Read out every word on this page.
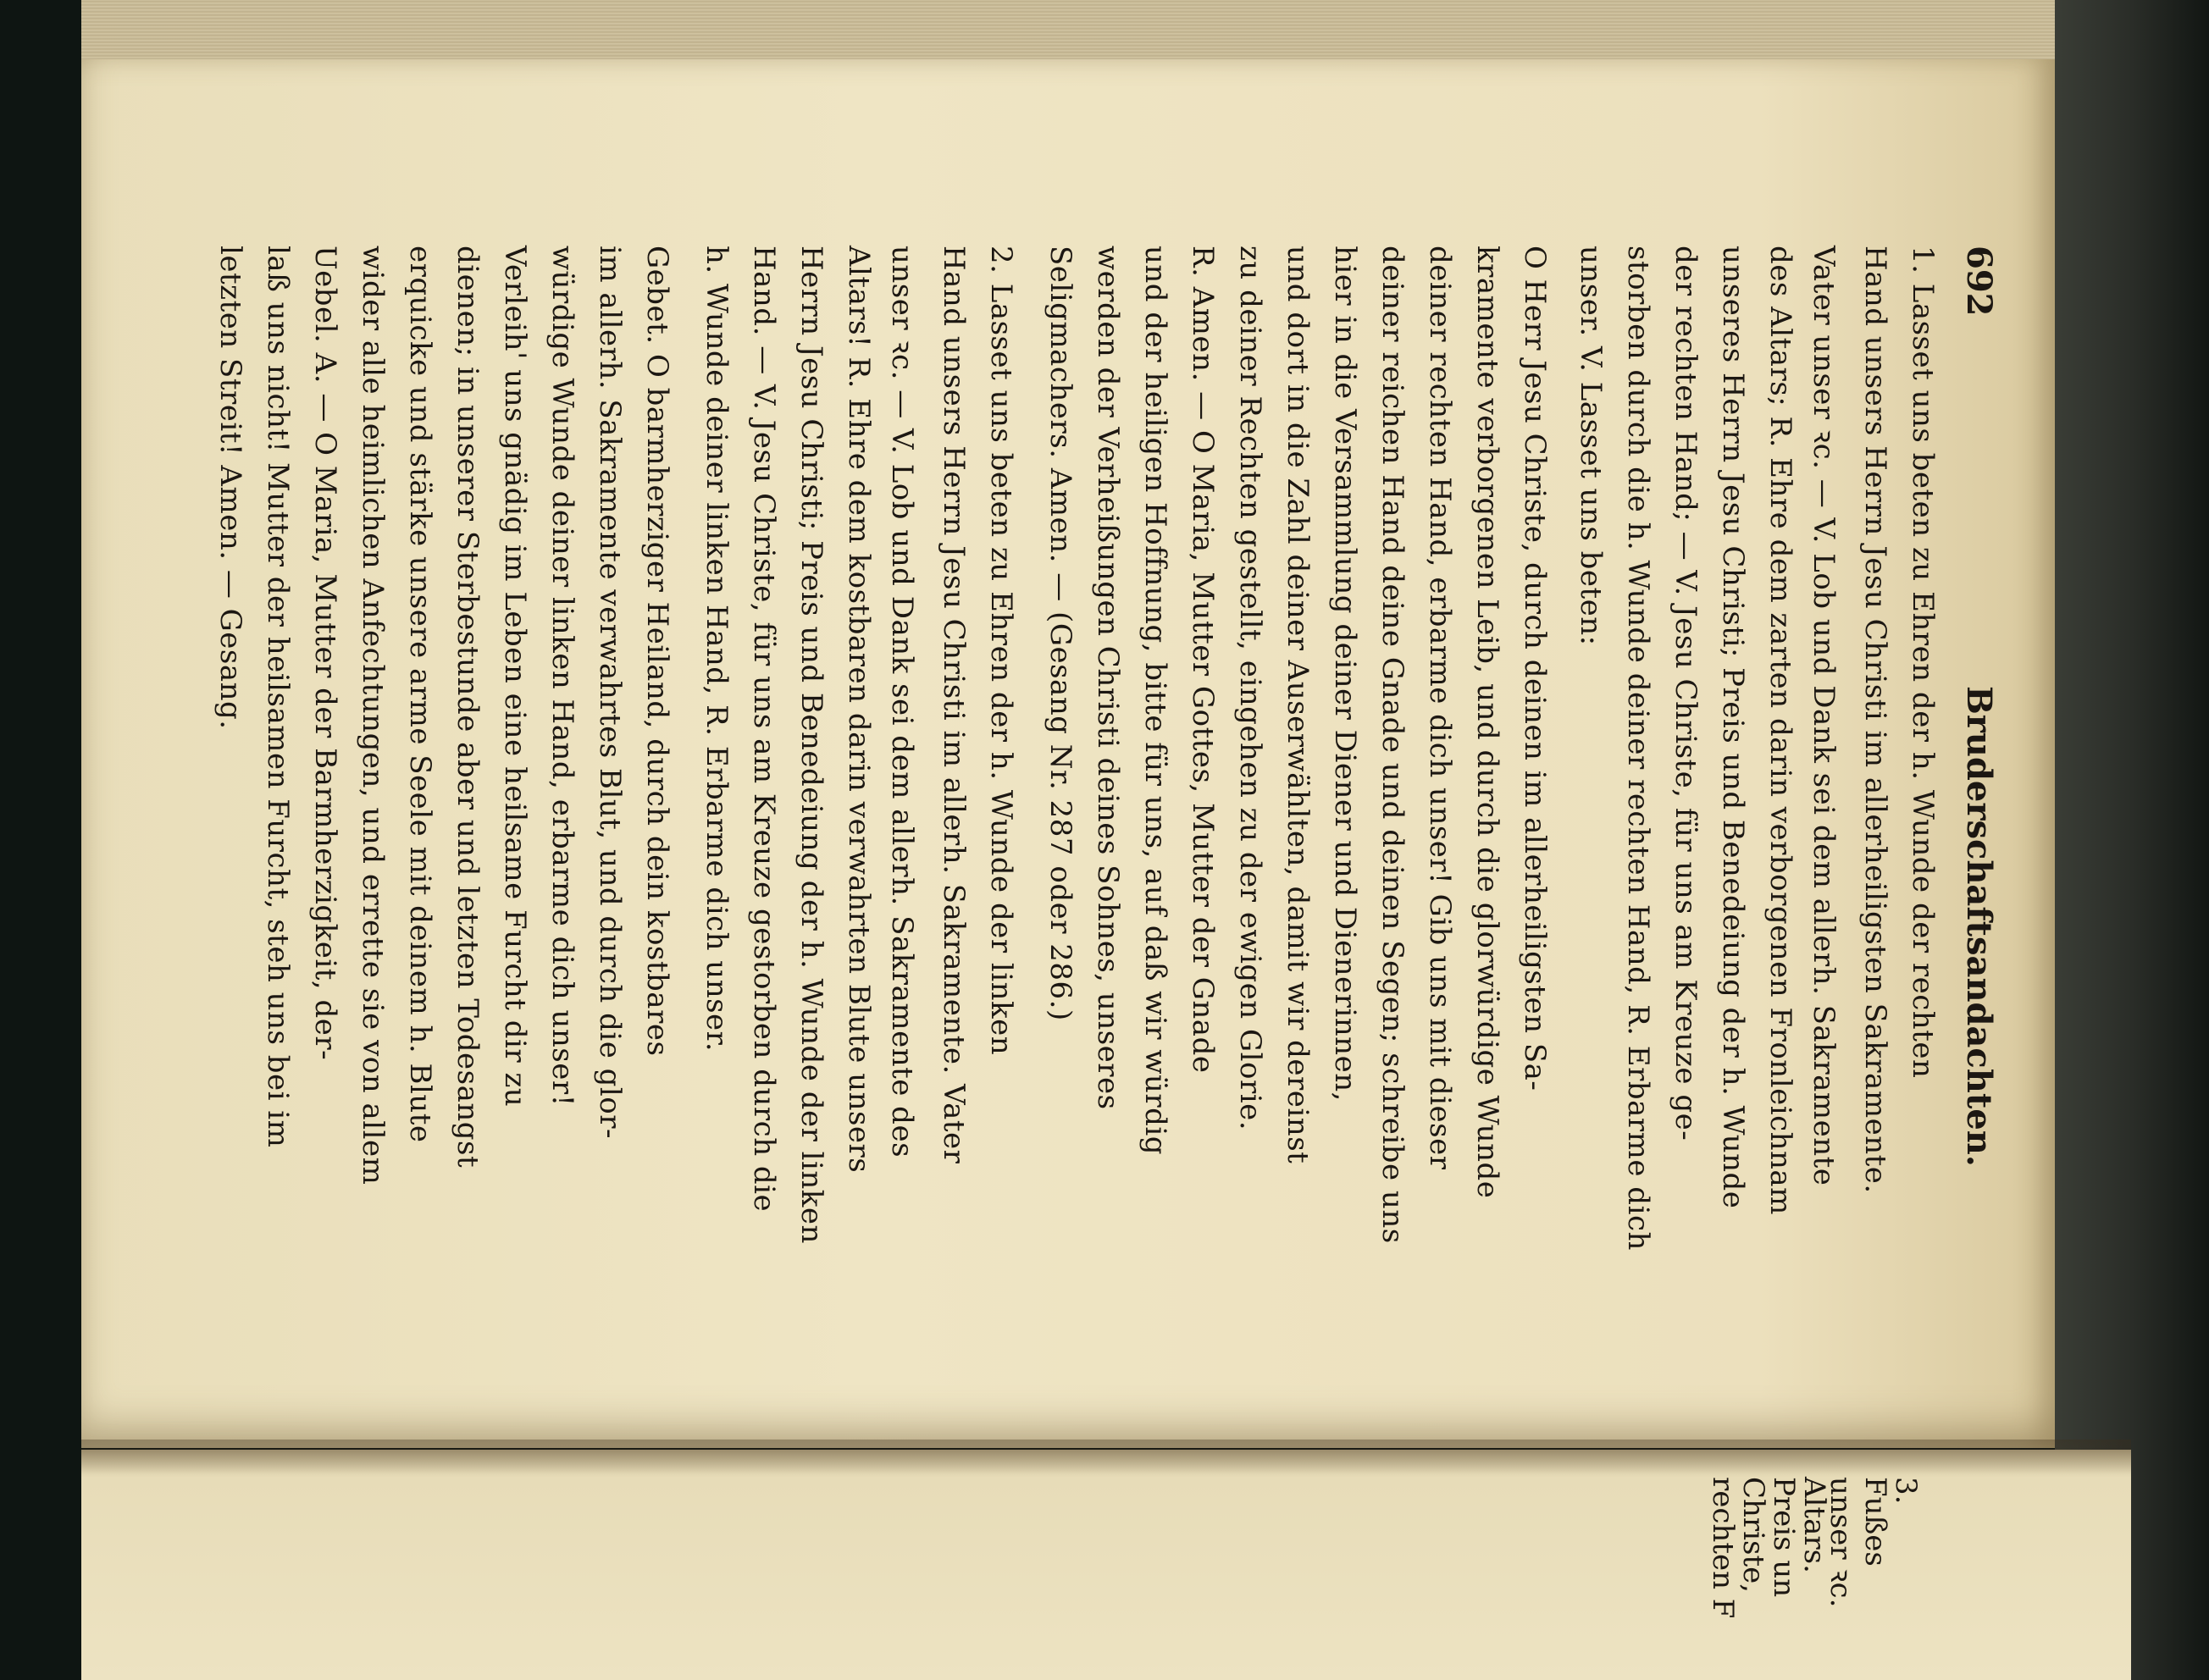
692
Bruderschaftsandachten.
1. Lasset uns beten zu Ehren der h. Wunde der rechten
Hand unsers Herrn Jesu Christi im allerheiligsten Sakramente.
Vater unser ꝛc. — V. Lob und Dank sei dem allerh. Sakramente
des Altars; R. Ehre dem zarten darin verborgenen Fronleichnam
unseres Herrn Jesu Christi; Preis und Benedeiung der h. Wunde
der rechten Hand; — V. Jesu Christe, für uns am Kreuze ge-
storben durch die h. Wunde deiner rechten Hand, R. Erbarme dich
unser. V. Lasset uns beten:
O Herr Jesu Christe, durch deinen im allerheiligsten Sa-
kramente verborgenen Leib, und durch die glorwürdige Wunde
deiner rechten Hand, erbarme dich unser! Gib uns mit dieser
deiner reichen Hand deine Gnade und deinen Segen; schreibe uns
hier in die Versammlung deiner Diener und Dienerinnen,
und dort in die Zahl deiner Auserwählten, damit wir dereinst
zu deiner Rechten gestellt, eingehen zu der ewigen Glorie.
R. Amen. — O Maria, Mutter Gottes, Mutter der Gnade
und der heiligen Hoffnung, bitte für uns, auf daß wir würdig
werden der Verheißungen Christi deines Sohnes, unseres
Seligmachers. Amen. — (Gesang Nr. 287 oder 286.)
2. Lasset uns beten zu Ehren der h. Wunde der linken
Hand unsers Herrn Jesu Christi im allerh. Sakramente. Vater
unser ꝛc. — V. Lob und Dank sei dem allerh. Sakramente des
Altars! R. Ehre dem kostbaren darin verwahrten Blute unsers
Herrn Jesu Christi; Preis und Benedeiung der h. Wunde der linken
Hand. — V. Jesu Christe, für uns am Kreuze gestorben durch die
h. Wunde deiner linken Hand, R. Erbarme dich unser.
Gebet. O barmherziger Heiland, durch dein kostbares
im allerh. Sakramente verwahrtes Blut, und durch die glor-
würdige Wunde deiner linken Hand, erbarme dich unser!
Verleih' uns gnädig im Leben eine heilsame Furcht dir zu
dienen; in unserer Sterbestunde aber und letzten Todesangst
erquicke und stärke unsere arme Seele mit deinem h. Blute
wider alle heimlichen Anfechtungen, und errette sie von allem
Uebel. A. — O Maria, Mutter der Barmherzigkeit, der-
laß uns nicht! Mutter der heilsamen Furcht, steh uns bei im
letzten Streit! Amen. — Gesang.
3.
Fußes
unser ꝛc.
Altars.
Preis un
Christe,
rechten F
